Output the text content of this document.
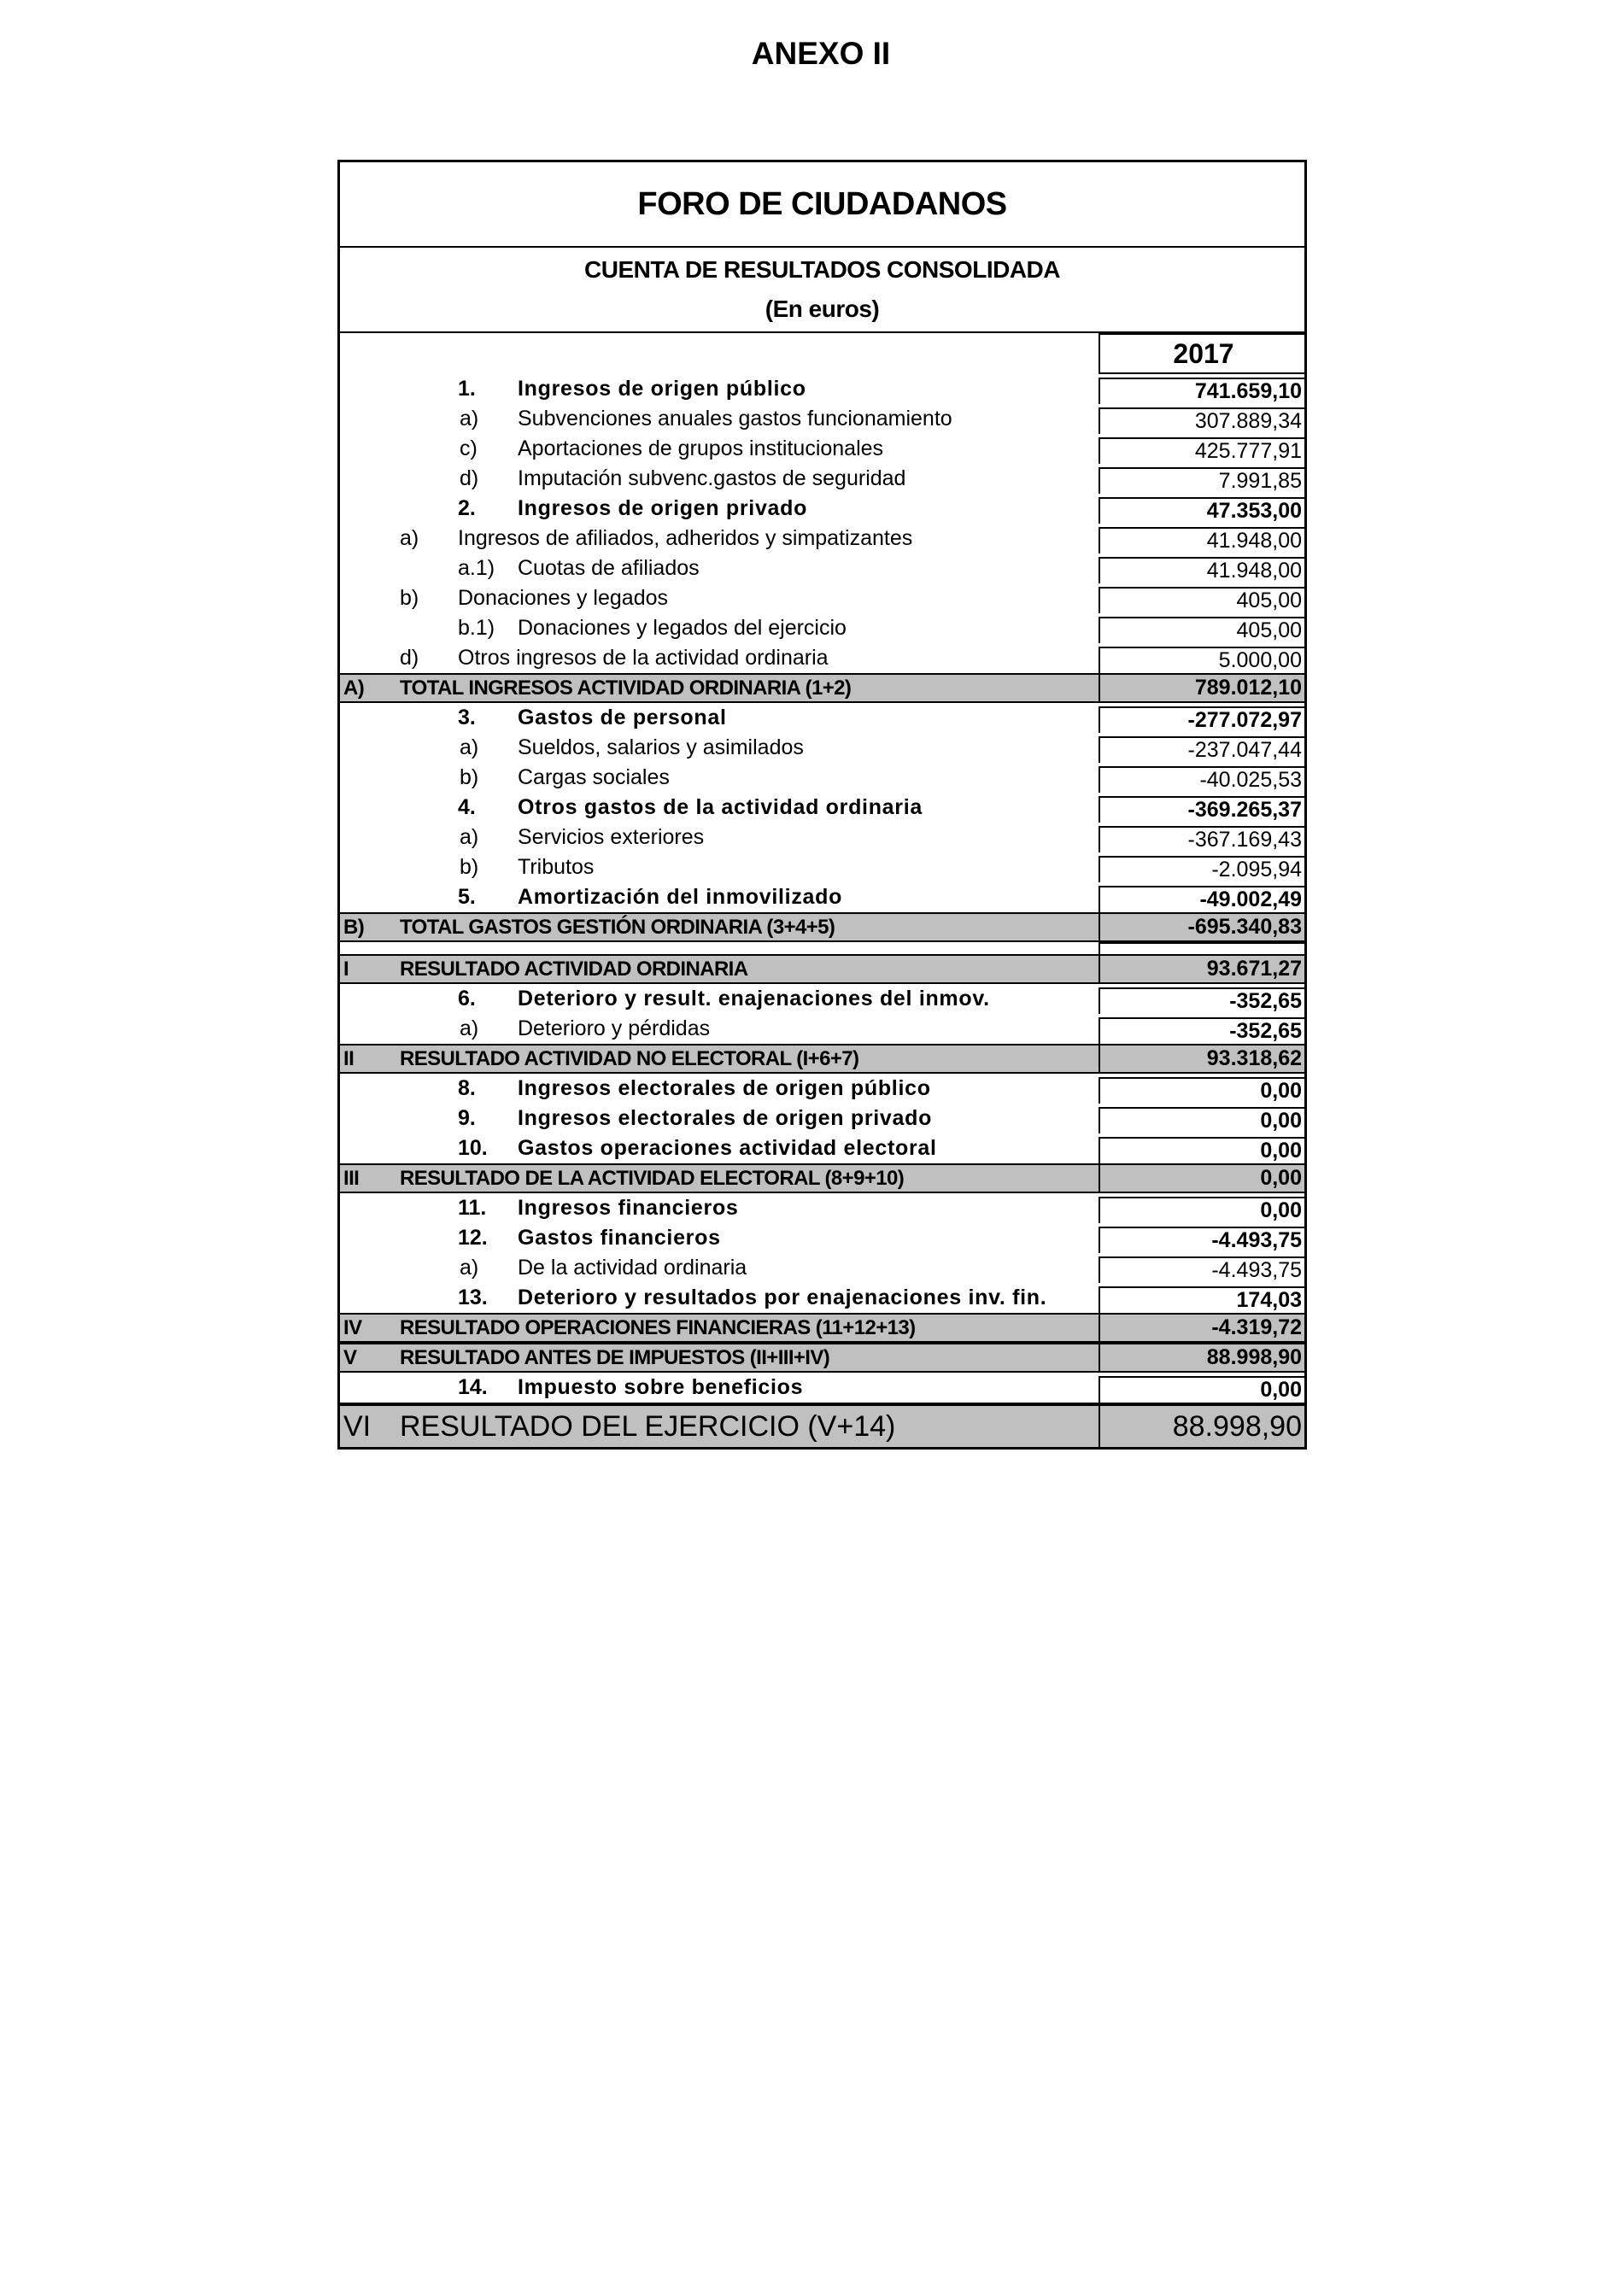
ANEXO II
FORO DE CIUDADANOS
CUENTA DE RESULTADOS CONSOLIDADA
(En euros)
2017
1. Ingresos de origen público	741.659,10
a) Subvenciones anuales gastos funcionamiento	307.889,34
c) Aportaciones de grupos institucionales	425.777,91
d) Imputación subvenc.gastos de seguridad	7.991,85
2. Ingresos de origen privado	47.353,00
a) Ingresos de afiliados, adheridos y simpatizantes	41.948,00
a.1) Cuotas de afiliados	41.948,00
b) Donaciones y legados	405,00
b.1) Donaciones y legados del ejercicio	405,00
d) Otros ingresos de la actividad ordinaria	5.000,00
A) TOTAL INGRESOS ACTIVIDAD ORDINARIA (1+2)	789.012,10
3. Gastos de personal	-277.072,97
a) Sueldos, salarios y asimilados	-237.047,44
b) Cargas sociales	-40.025,53
4. Otros gastos de la actividad ordinaria	-369.265,37
a) Servicios exteriores	-367.169,43
b) Tributos	-2.095,94
5. Amortización del inmovilizado	-49.002,49
B) TOTAL GASTOS GESTIÓN ORDINARIA (3+4+5)	-695.340,83
I RESULTADO ACTIVIDAD ORDINARIA	93.671,27
6. Deterioro y result. enajenaciones del inmov.	-352,65
a) Deterioro y pérdidas	-352,65
II RESULTADO ACTIVIDAD NO ELECTORAL (I+6+7)	93.318,62
8. Ingresos electorales de origen público	0,00
9. Ingresos electorales de origen privado	0,00
10. Gastos operaciones actividad electoral	0,00
III RESULTADO DE LA ACTIVIDAD ELECTORAL (8+9+10)	0,00
11. Ingresos financieros	0,00
12. Gastos financieros	-4.493,75
a) De la actividad ordinaria	-4.493,75
13. Deterioro y resultados por enajenaciones inv. fin.	174,03
IV RESULTADO OPERACIONES FINANCIERAS (11+12+13)	-4.319,72
V RESULTADO ANTES DE IMPUESTOS (II+III+IV)	88.998,90
14. Impuesto sobre beneficios	0,00
VI RESULTADO DEL EJERCICIO (V+14)	88.998,90
